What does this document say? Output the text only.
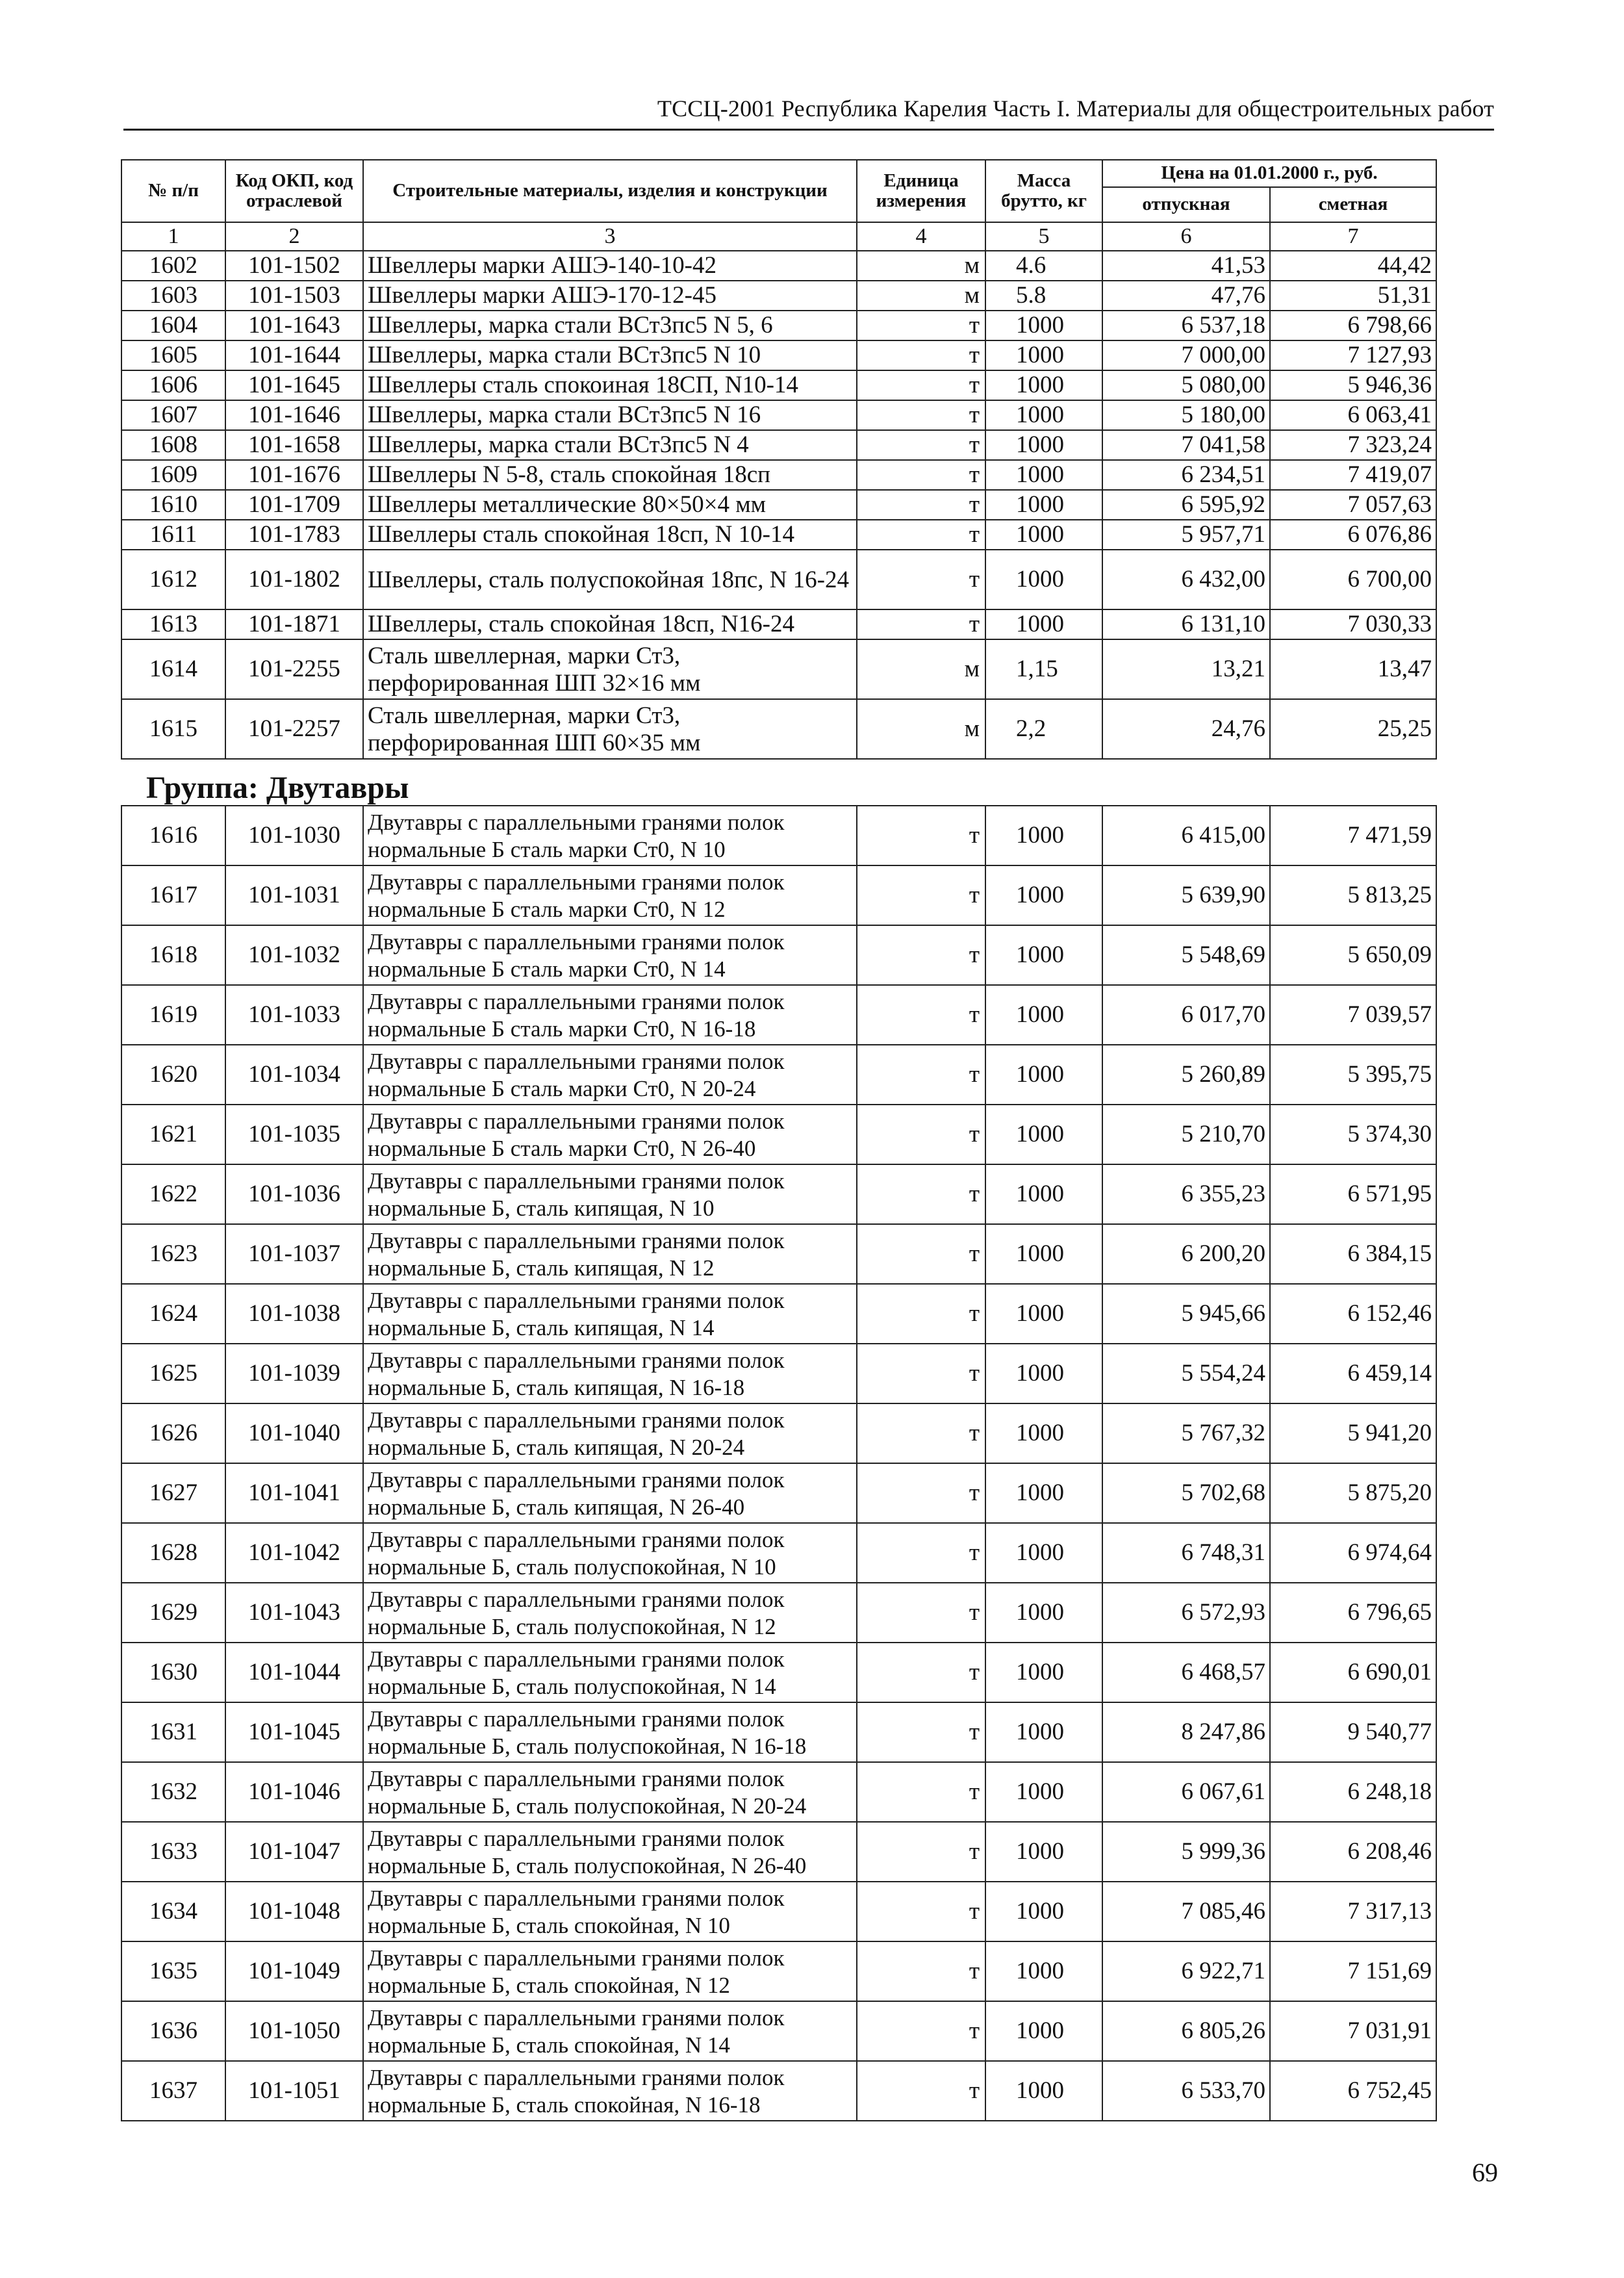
ТССЦ-2001 Республика Карелия Часть I. Материалы для общестроительных работ
№ п/п	Код ОКП, код отраслевой	Строительные материалы, изделия и конструкции	Единица измерения	Масса брутто, кг	Цена на 01.01.2000 г., руб.	
					отпускная	сметная
1	2	3	4	5	6	7
1602	101-1502	Швеллеры марки АШЭ-140-10-42	м	4.6	41,53	44,42
1603	101-1503	Швеллеры марки АШЭ-170-12-45	м	5.8	47,76	51,31
1604	101-1643	Швеллеры, марка стали ВСт3пс5 N 5, 6	т	1000	6 537,18	6 798,66
1605	101-1644	Швеллеры, марка стали ВСт3пс5 N 10	т	1000	7 000,00	7 127,93
1606	101-1645	Швеллеры сталь спокоиная 18СП, N10-14	т	1000	5 080,00	5 946,36
1607	101-1646	Швеллеры, марка стали ВСт3пс5 N 16	т	1000	5 180,00	6 063,41
1608	101-1658	Швеллеры, марка стали ВСт3пс5 N 4	т	1000	7 041,58	7 323,24
1609	101-1676	Швеллеры N 5-8, сталь спокойная 18сп	т	1000	6 234,51	7 419,07
1610	101-1709	Швеллеры металлические 80×50×4 мм	т	1000	6 595,92	7 057,63
1611	101-1783	Швеллеры сталь спокойная 18сп, N 10-14	т	1000	5 957,71	6 076,86
1612	101-1802	Швеллеры, сталь полуспокойная 18пс, N 16-24	т	1000	6 432,00	6 700,00
1613	101-1871	Швеллеры, сталь спокойная 18сп, N16-24	т	1000	6 131,10	7 030,33
1614	101-2255	Сталь швеллерная, марки Ст3, перфорированная ШП 32×16 мм	м	1,15	13,21	13,47
1615	101-2257	Сталь швеллерная, марки Ст3, перфорированная ШП 60×35 мм	м	2,2	24,76	25,25
Группа: Двутавры						
1616	101-1030	Двутавры с параллельными гранями полок нормальные Б сталь марки Ст0, N 10	т	1000	6 415,00	7 471,59
1617	101-1031	Двутавры с параллельными гранями полок нормальные Б сталь марки Ст0, N 12	т	1000	5 639,90	5 813,25
1618	101-1032	Двутавры с параллельными гранями полок нормальные Б сталь марки Ст0, N 14	т	1000	5 548,69	5 650,09
1619	101-1033	Двутавры с параллельными гранями полок нормальные Б сталь марки Ст0, N 16-18	т	1000	6 017,70	7 039,57
1620	101-1034	Двутавры с параллельными гранями полок нормальные Б сталь марки Ст0, N 20-24	т	1000	5 260,89	5 395,75
1621	101-1035	Двутавры с параллельными гранями полок нормальные Б сталь марки Ст0, N 26-40	т	1000	5 210,70	5 374,30
1622	101-1036	Двутавры с параллельными гранями полок нормальные Б, сталь кипящая, N 10	т	1000	6 355,23	6 571,95
1623	101-1037	Двутавры с параллельными гранями полок нормальные Б, сталь кипящая, N 12	т	1000	6 200,20	6 384,15
1624	101-1038	Двутавры с параллельными гранями полок нормальные Б, сталь кипящая, N 14	т	1000	5 945,66	6 152,46
1625	101-1039	Двутавры с параллельными гранями полок нормальные Б, сталь кипящая, N 16-18	т	1000	5 554,24	6 459,14
1626	101-1040	Двутавры с параллельными гранями полок нормальные Б, сталь кипящая, N 20-24	т	1000	5 767,32	5 941,20
1627	101-1041	Двутавры с параллельными гранями полок нормальные Б, сталь кипящая, N 26-40	т	1000	5 702,68	5 875,20
1628	101-1042	Двутавры с параллельными гранями полок нормальные Б, сталь полуспокойная, N 10	т	1000	6 748,31	6 974,64
1629	101-1043	Двутавры с параллельными гранями полок нормальные Б, сталь полуспокойная, N 12	т	1000	6 572,93	6 796,65
1630	101-1044	Двутавры с параллельными гранями полок нормальные Б, сталь полуспокойная, N 14	т	1000	6 468,57	6 690,01
1631	101-1045	Двутавры с параллельными гранями полок нормальные Б, сталь полуспокойная, N 16-18	т	1000	8 247,86	9 540,77
1632	101-1046	Двутавры с параллельными гранями полок нормальные Б, сталь полуспокойная, N 20-24	т	1000	6 067,61	6 248,18
1633	101-1047	Двутавры с параллельными гранями полок нормальные Б, сталь полуспокойная, N 26-40	т	1000	5 999,36	6 208,46
1634	101-1048	Двутавры с параллельными гранями полок нормальные Б, сталь спокойная, N 10	т	1000	7 085,46	7 317,13
1635	101-1049	Двутавры с параллельными гранями полок нормальные Б, сталь спокойная, N 12	т	1000	6 922,71	7 151,69
1636	101-1050	Двутавры с параллельными гранями полок нормальные Б, сталь спокойная, N 14	т	1000	6 805,26	7 031,91
1637	101-1051	Двутавры с параллельными гранями полок нормальные Б, сталь спокойная, N 16-18	т	1000	6 533,70	6 752,45
69
